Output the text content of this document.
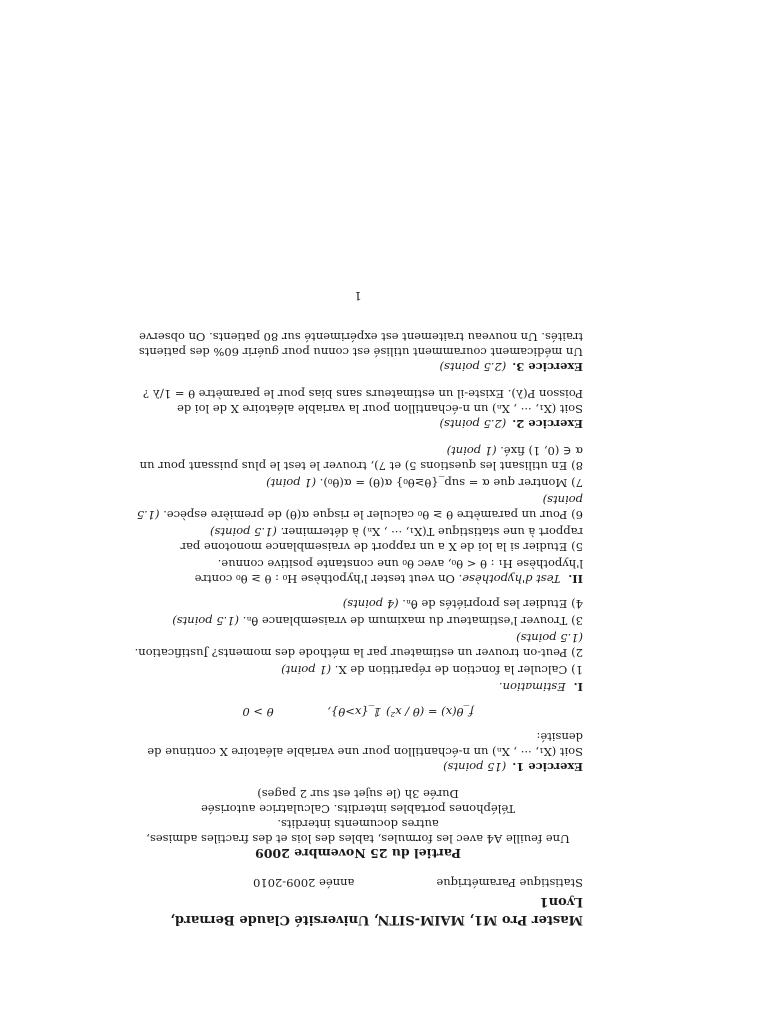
Master Pro M1, MAIM-SITN, Université Claude Bernard, Lyon1
Statistique Paramétrique
année 2009-2010
Partiel du 25 Novembre 2009

Une feuille A4 avec les formules, tables des lois et des fractiles admises,

autres documents interdits.

Téléphones portables interdits. Calculatrice autorisée

Durée 3h (le sujet est sur 2 pages)

Exercice 1.(15 points)

Soit (X₁, ··· , Xₙ) un n-échantillon pour une variable aléatoire X continue de densité:

f_θ(x) = (θ / x²) 𝟙_{x>θ}, θ > 0
I.Estimation.
1)Calculer la fonction de répartition de X. (1 point)
2)Peut-on trouver un estimateur par la méthode des moments? Justification. (1.5 points)
3)Trouver l'estimateur du maximum de vraisemblance θ̂ₙ. (1.5 points)
4)Etudier les propriétés de θ̂ₙ. (4 points)
II.Test d'hypothèse. On veut tester l'hypothèse H₀ : θ ≥ θ₀ contre l'hypothèse H₁ : θ < θ₀, avec θ₀ une constante positive connue.
5)Etudier si la loi de X a un rapport de vraisemblance monotone par rapport à une statistique T(X₁, ··· , Xₙ) à déterminer. (1.5 points)
6)Pour un paramètre θ ≥ θ₀ calculer le risque α(θ) de première espèce. (1.5 points)
7)Montrer que α = sup_{θ≥θ₀} α(θ) = α(θ₀). (1 point)
8)En utilisant les questions 5) et 7), trouver le test le plus puissant pour un α ∈ (0, 1) fixé. (1 point)
Exercice 2.(2.5 points)

Soit (X₁, ··· , Xₙ) un n-échantillon pour la variable aléatoire X de loi de Poisson P(λ). Existe-il un estimateurs sans bias pour le paramètre θ = 1/λ ?

Exercice 3.(2.5 points)

Un médicament couramment utilisé est connu pour guérir 60% des patients traités. Un nouveau traitement est expérimenté sur 80 patients. On observe

1
